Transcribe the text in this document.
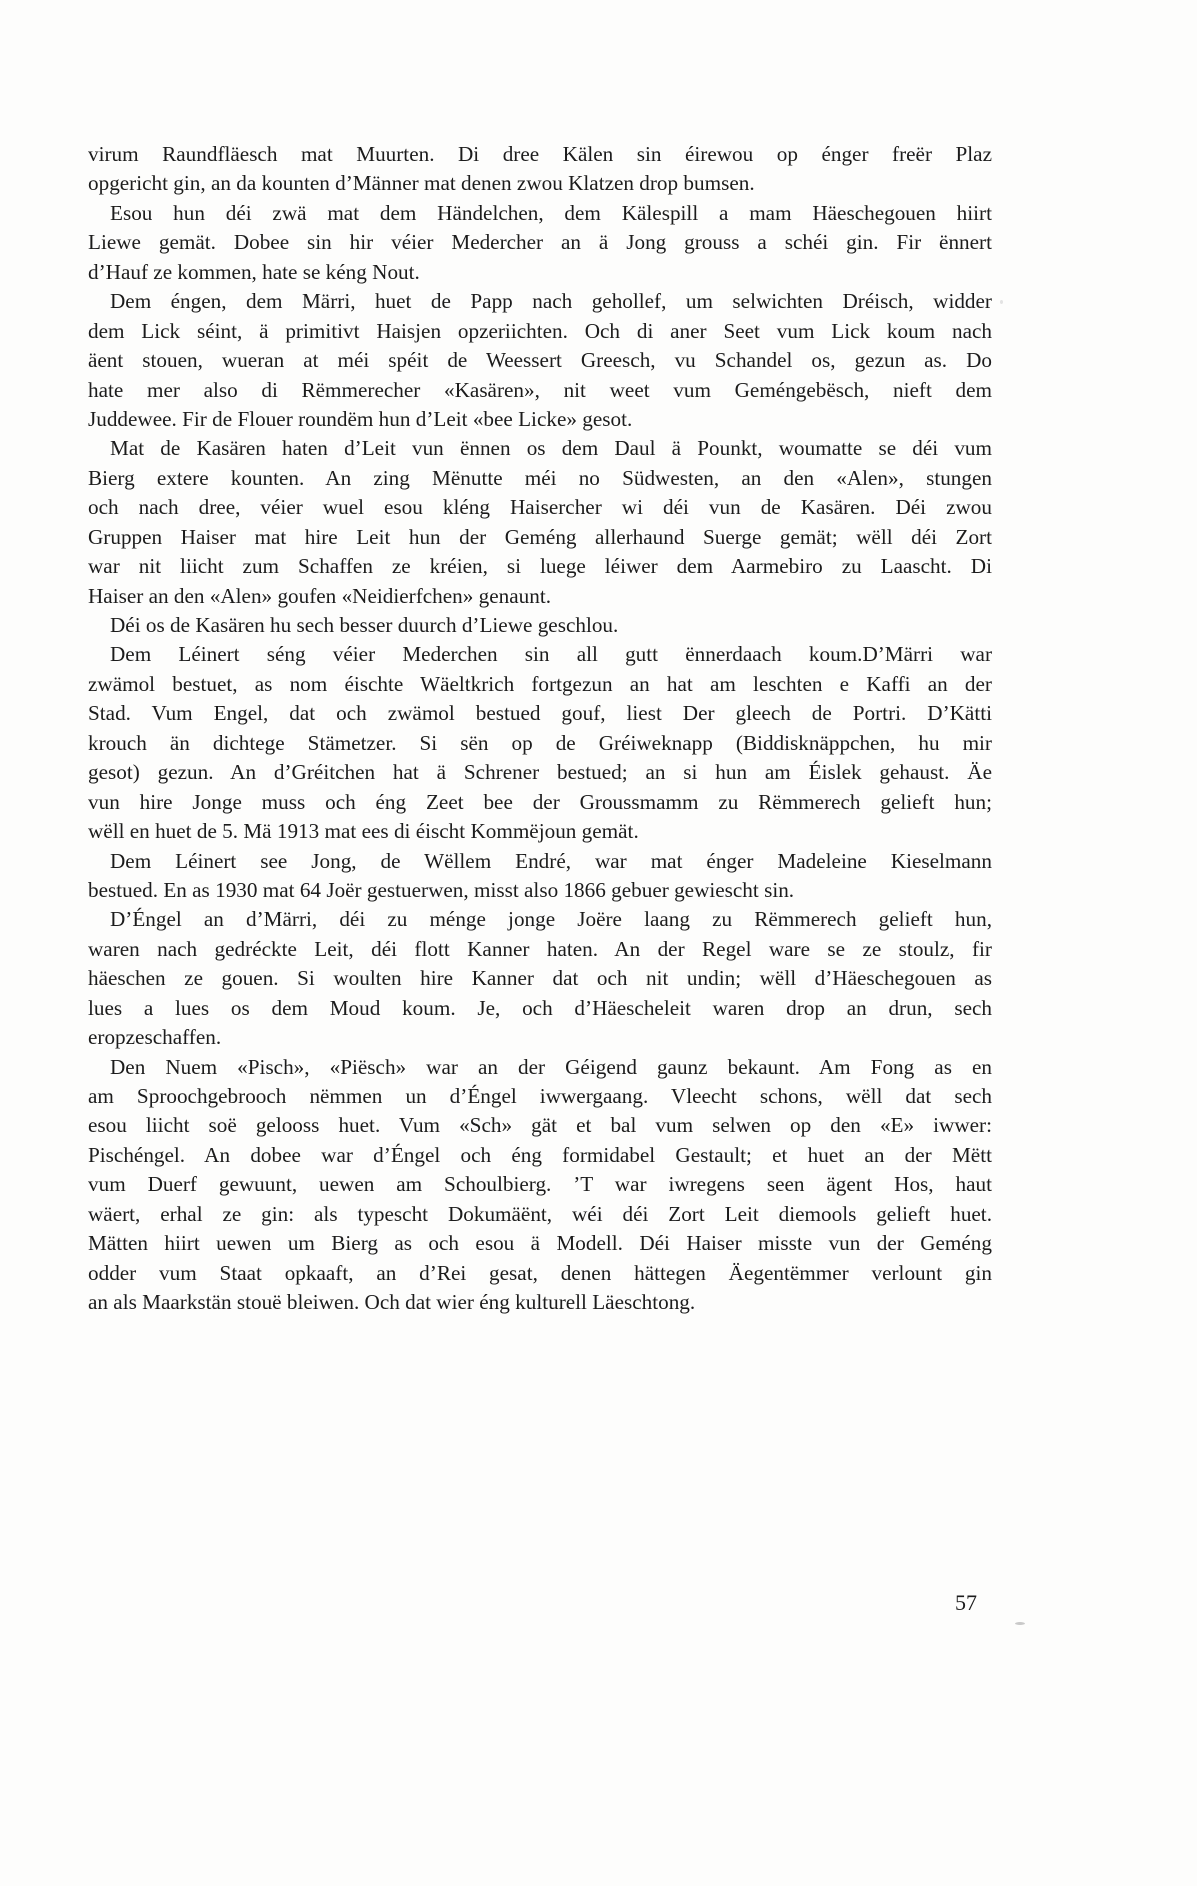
virum Raundfläesch mat Muurten. Di dree Kälen sin éirewou op énger freër Plaz
opgericht gin, an da kounten d’Männer mat denen zwou Klatzen drop bumsen.
Esou hun déi zwä mat dem Händelchen, dem Kälespill a mam Häeschegouen hiirt
Liewe gemät. Dobee sin hir véier Medercher an ä Jong grouss a schéi gin. Fir ënnert
d’Hauf ze kommen, hate se kéng Nout.
Dem éngen, dem Märri, huet de Papp nach gehollef, um selwichten Dréisch, widder
dem Lick séint, ä primitivt Haisjen opzeriichten. Och di aner Seet vum Lick koum nach
äent stouen, wueran at méi spéit de Weessert Greesch, vu Schandel os, gezun as. Do
hate mer also di Rëmmerecher «Kasären», nit weet vum Geméngebësch, nieft dem
Juddewee. Fir de Flouer roundëm hun d’Leit «bee Licke» gesot.
Mat de Kasären haten d’Leit vun ënnen os dem Daul ä Pounkt, woumatte se déi vum
Bierg extere kounten. An zing Mënutte méi no Südwesten, an den «Alen», stungen
och nach dree, véier wuel esou kléng Haisercher wi déi vun de Kasären. Déi zwou
Gruppen Haiser mat hire Leit hun der Geméng allerhaund Suerge gemät; wëll déi Zort
war nit liicht zum Schaffen ze kréien, si luege léiwer dem Aarmebiro zu Laascht. Di
Haiser an den «Alen» goufen «Neidierfchen» genaunt.
Déi os de Kasären hu sech besser duurch d’Liewe geschlou.
Dem Léinert séng véier Mederchen sin all gutt ënnerdaach koum.D’Märri war
zwämol bestuet, as nom éischte Wäeltkrich fortgezun an hat am leschten e Kaffi an der
Stad. Vum Engel, dat och zwämol bestued gouf, liest Der gleech de Portri. D’Kätti
krouch än dichtege Stämetzer. Si sën op de Gréiweknapp (Biddisknäppchen, hu mir
gesot) gezun. An d’Gréitchen hat ä Schrener bestued; an si hun am Éislek gehaust. Äe
vun hire Jonge muss och éng Zeet bee der Groussmamm zu Rëmmerech gelieft hun;
wëll en huet de 5. Mä 1913 mat ees di éischt Kommëjoun gemät.
Dem Léinert see Jong, de Wëllem Endré, war mat énger Madeleine Kieselmann
bestued. En as 1930 mat 64 Joër gestuerwen, misst also 1866 gebuer gewiescht sin.
D’Éngel an d’Märri, déi zu ménge jonge Joëre laang zu Rëmmerech gelieft hun,
waren nach gedréckte Leit, déi flott Kanner haten. An der Regel ware se ze stoulz, fir
häeschen ze gouen. Si woulten hire Kanner dat och nit undin; wëll d’Häeschegouen as
lues a lues os dem Moud koum. Je, och d’Häescheleit waren drop an drun, sech
eropzeschaffen.
Den Nuem «Pisch», «Piësch» war an der Géigend gaunz bekaunt. Am Fong as en
am Sproochgebrooch nëmmen un d’Éngel iwwergaang. Vleecht schons, wëll dat sech
esou liicht soë gelooss huet. Vum «Sch» gät et bal vum selwen op den «E» iwwer:
Pischéngel. An dobee war d’Éngel och éng formidabel Gestault; et huet an der Mëtt
vum Duerf gewuunt, uewen am Schoulbierg. ’T war iwregens seen ägent Hos, haut
wäert, erhal ze gin: als typescht Dokumäënt, wéi déi Zort Leit diemools gelieft huet.
Mätten hiirt uewen um Bierg as och esou ä Modell. Déi Haiser misste vun der Geméng
odder vum Staat opkaaft, an d’Rei gesat, denen hättegen Äegentëmmer verlount gin
an als Maarkstän stouë bleiwen. Och dat wier éng kulturell Läeschtong.
57
